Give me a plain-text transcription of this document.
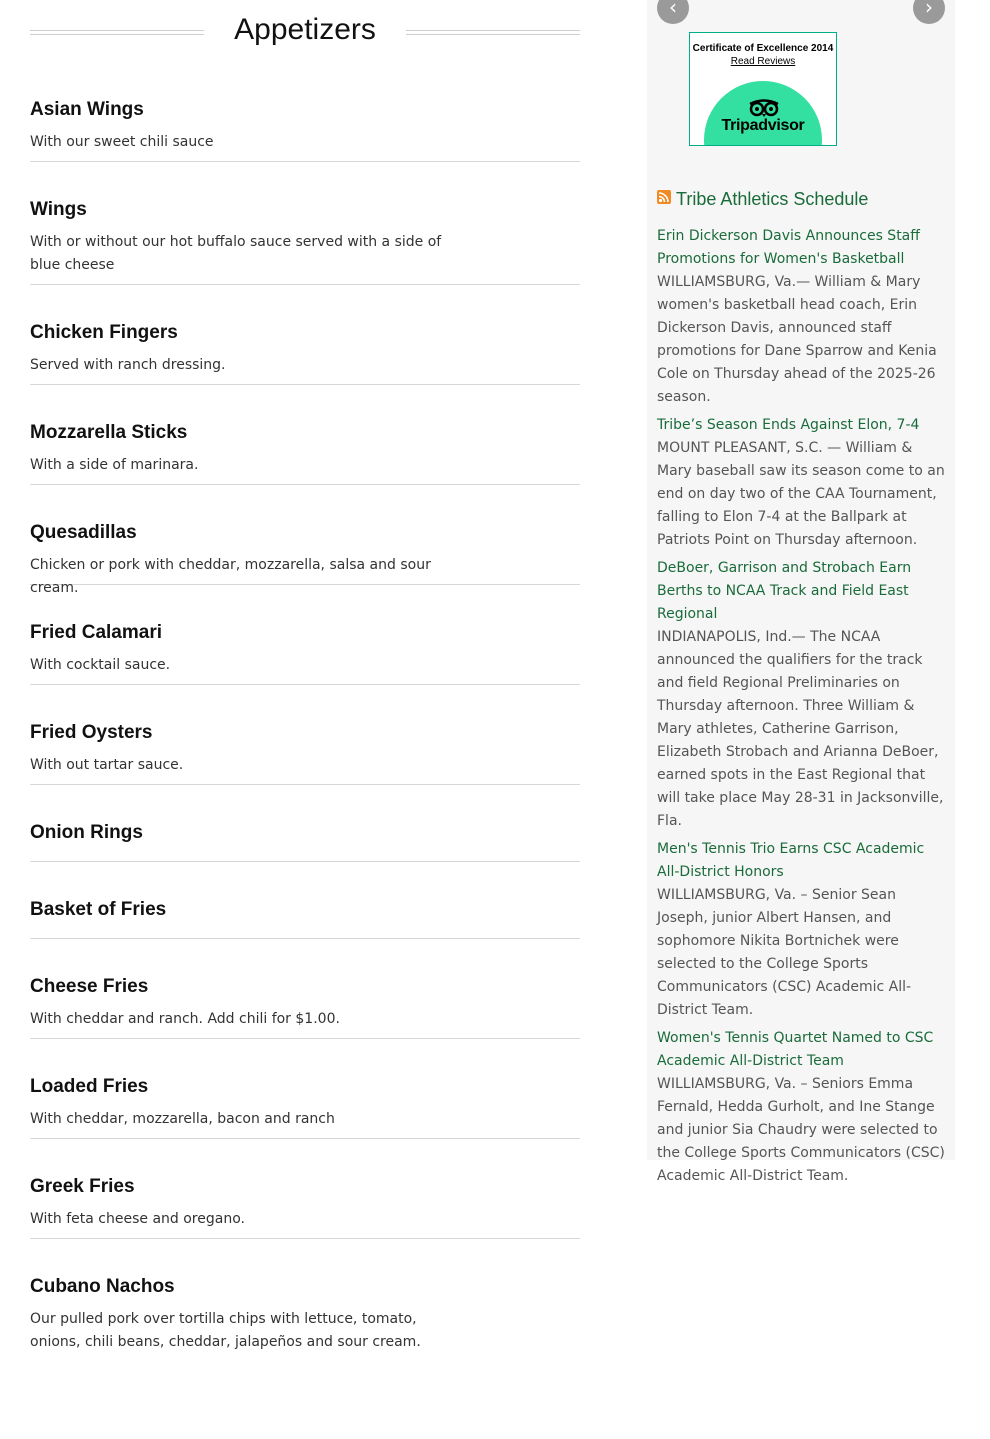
Appetizers
Asian Wings

With our sweet chili sauce

Wings

With or without our hot buffalo sauce served with a side of blue cheese

Chicken Fingers

Served with ranch dressing.

Mozzarella Sticks

With a side of marinara.

Quesadillas

Chicken or pork with cheddar, mozzarella, salsa and sour cream.

Fried Calamari

With cocktail sauce.

Fried Oysters

With out tartar sauce.

Onion Rings
Basket of Fries
Cheese Fries

With cheddar and ranch. Add chili for $1.00.

Loaded Fries

With cheddar, mozzarella, bacon and ranch

Greek Fries

With feta cheese and oregano.

Cubano Nachos

Our pulled pork over tortilla chips with lettuce, tomato, onions, chili beans, cheddar, jalapeños and sour cream.

‹	›

Certificate of Excellence 2014

Read Reviews
Tripadvisor
Tribe Athletics Schedule
Erin Dickerson Davis Announces Staff Promotions for Women's Basketball

WILLIAMSBURG, Va.— William & Mary women's basketball head coach, Erin Dickerson Davis, announced staff promotions for Dane Sparrow and Kenia Cole on Thursday ahead of the 2025-26 season.

Tribe’s Season Ends Against Elon, 7-4

MOUNT PLEASANT, S.C. — William & Mary baseball saw its season come to an end on day two of the CAA Tournament, falling to Elon 7-4 at the Ballpark at Patriots Point on Thursday afternoon.

DeBoer, Garrison and Strobach Earn Berths to NCAA Track and Field East Regional

INDIANAPOLIS, Ind.— The NCAA announced the qualifiers for the track and field Regional Preliminaries on Thursday afternoon. Three William & Mary athletes, Catherine Garrison, Elizabeth Strobach and Arianna DeBoer, earned spots in the East Regional that will take place May 28-31 in Jacksonville, Fla.

Men's Tennis Trio Earns CSC Academic All-District Honors

WILLIAMSBURG, Va. – Senior Sean Joseph, junior Albert Hansen, and sophomore Nikita Bortnichek were selected to the College Sports Communicators (CSC) Academic All-District Team.

Women's Tennis Quartet Named to CSC Academic All-District Team

WILLIAMSBURG, Va. – Seniors Emma Fernald, Hedda Gurholt, and Ine Stange and junior Sia Chaudry were selected to the College Sports Communicators (CSC) Academic All-District Team.
